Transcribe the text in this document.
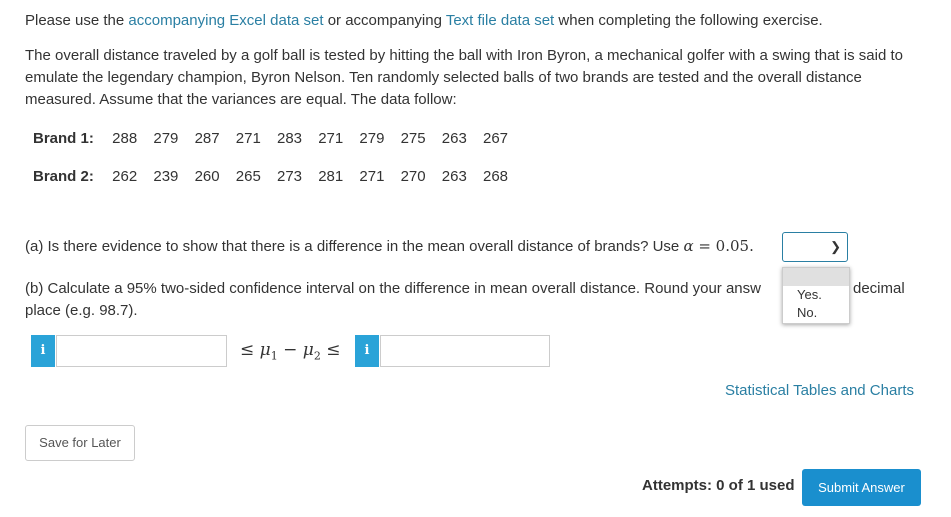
Please use the accompanying Excel data set or accompanying Text file data set when completing the following exercise.
The overall distance traveled by a golf ball is tested by hitting the ball with Iron Byron, a mechanical golfer with a swing that is said to emulate the legendary champion, Byron Nelson. Ten randomly selected balls of two brands are tested and the overall distance measured. Assume that the variances are equal. The data follow:
Brand 1: 288 279 287 271 283 271 279 275 263 267
Brand 2: 262 239 260 265 273 281 271 270 263 268
(a) Is there evidence to show that there is a difference in the mean overall distance of brands? Use α = 0.05.	❯
(b) Calculate a 95% two-sided confidence interval on the difference in mean overall distance. Round your answ	decimal
place (e.g. 98.7).
Yes.
No.
i	≤ $\mu_1 - \mu_2$ ≤	i
Statistical Tables and Charts
Save for Later
Attempts: 0 of 1 used	Submit Answer
